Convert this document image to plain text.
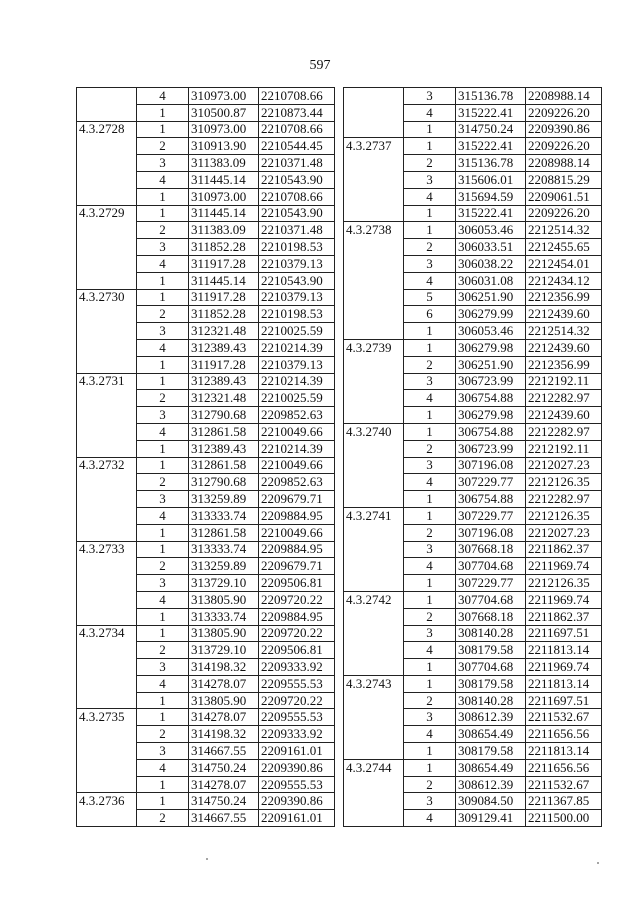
597
	4	310973.00	2210708.66
	1	310500.87	2210873.44
4.3.2728	1	310973.00	2210708.66
	2	310913.90	2210544.45
	3	311383.09	2210371.48
	4	311445.14	2210543.90
	1	310973.00	2210708.66
4.3.2729	1	311445.14	2210543.90
	2	311383.09	2210371.48
	3	311852.28	2210198.53
	4	311917.28	2210379.13
	1	311445.14	2210543.90
4.3.2730	1	311917.28	2210379.13
	2	311852.28	2210198.53
	3	312321.48	2210025.59
	4	312389.43	2210214.39
	1	311917.28	2210379.13
4.3.2731	1	312389.43	2210214.39
	2	312321.48	2210025.59
	3	312790.68	2209852.63
	4	312861.58	2210049.66
	1	312389.43	2210214.39
4.3.2732	1	312861.58	2210049.66
	2	312790.68	2209852.63
	3	313259.89	2209679.71
	4	313333.74	2209884.95
	1	312861.58	2210049.66
4.3.2733	1	313333.74	2209884.95
	2	313259.89	2209679.71
	3	313729.10	2209506.81
	4	313805.90	2209720.22
	1	313333.74	2209884.95
4.3.2734	1	313805.90	2209720.22
	2	313729.10	2209506.81
	3	314198.32	2209333.92
	4	314278.07	2209555.53
	1	313805.90	2209720.22
4.3.2735	1	314278.07	2209555.53
	2	314198.32	2209333.92
	3	314667.55	2209161.01
	4	314750.24	2209390.86
	1	314278.07	2209555.53
4.3.2736	1	314750.24	2209390.86
	2	314667.55	2209161.01
	3	315136.78	2208988.14
	4	315222.41	2209226.20
	1	314750.24	2209390.86
4.3.2737	1	315222.41	2209226.20
	2	315136.78	2208988.14
	3	315606.01	2208815.29
	4	315694.59	2209061.51
	1	315222.41	2209226.20
4.3.2738	1	306053.46	2212514.32
	2	306033.51	2212455.65
	3	306038.22	2212454.01
	4	306031.08	2212434.12
	5	306251.90	2212356.99
	6	306279.99	2212439.60
	1	306053.46	2212514.32
4.3.2739	1	306279.98	2212439.60
	2	306251.90	2212356.99
	3	306723.99	2212192.11
	4	306754.88	2212282.97
	1	306279.98	2212439.60
4.3.2740	1	306754.88	2212282.97
	2	306723.99	2212192.11
	3	307196.08	2212027.23
	4	307229.77	2212126.35
	1	306754.88	2212282.97
4.3.2741	1	307229.77	2212126.35
	2	307196.08	2212027.23
	3	307668.18	2211862.37
	4	307704.68	2211969.74
	1	307229.77	2212126.35
4.3.2742	1	307704.68	2211969.74
	2	307668.18	2211862.37
	3	308140.28	2211697.51
	4	308179.58	2211813.14
	1	307704.68	2211969.74
4.3.2743	1	308179.58	2211813.14
	2	308140.28	2211697.51
	3	308612.39	2211532.67
	4	308654.49	2211656.56
	1	308179.58	2211813.14
4.3.2744	1	308654.49	2211656.56
	2	308612.39	2211532.67
	3	309084.50	2211367.85
	4	309129.41	2211500.00
